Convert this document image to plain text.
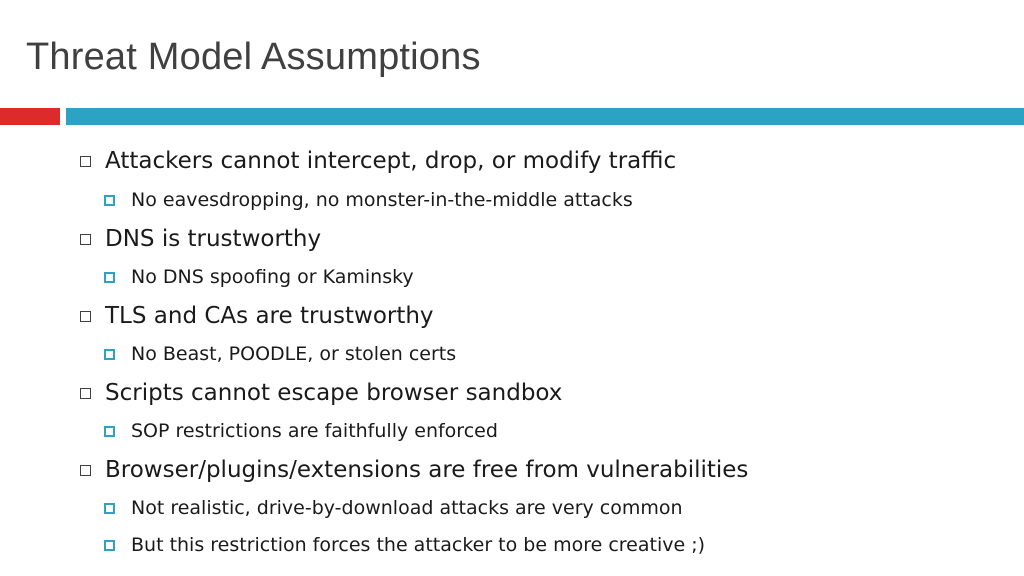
Threat Model Assumptions
Attackers cannot intercept, drop, or modify traffic
No eavesdropping, no monster-in-the-middle attacks
DNS is trustworthy
No DNS spoofing or Kaminsky
TLS and CAs are trustworthy
No Beast, POODLE, or stolen certs
Scripts cannot escape browser sandbox
SOP restrictions are faithfully enforced
Browser/plugins/extensions are free from vulnerabilities
Not realistic, drive-by-download attacks are very common
But this restriction forces the attacker to be more creative ;)
